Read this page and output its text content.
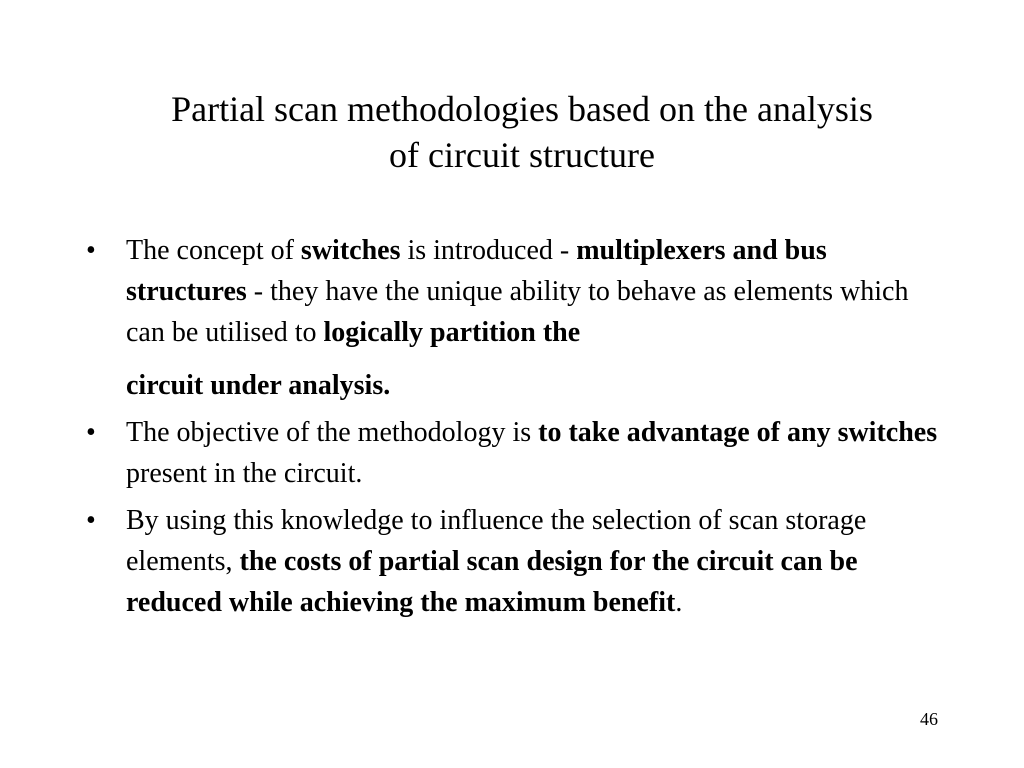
Partial scan methodologies based on the analysis
of circuit structure
•	The concept of switches is introduced - multiplexers and bus structures - they have the unique ability to behave as elements which can be utilised to logically partition the
circuit under analysis.
•	The objective of the methodology is to take advantage of any switches present in the circuit.
•	By using this knowledge to influence the selection of scan storage elements, the costs of partial scan design for the circuit can be reduced while achieving the maximum benefit.
46
